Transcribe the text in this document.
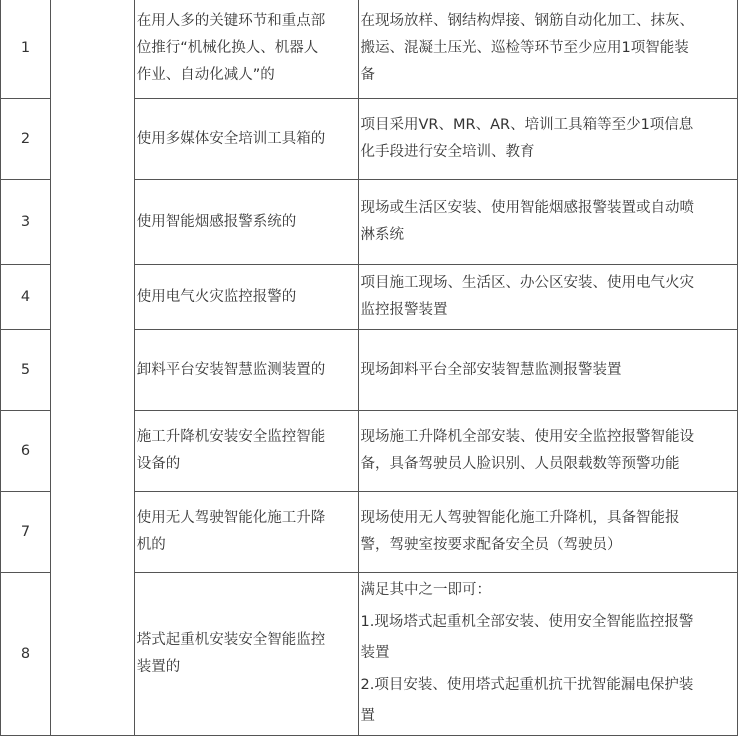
1		在用人多的关键环节和重点部
位推行“机械化换人、机器人
作业、自动化减人”的	在现场放样、钢结构焊接、钢筋自动化加工、抹灰、
搬运、混凝土压光、巡检等环节至少应用1项智能装
备

2		使用多媒体安全培训工具箱的	项目采用VR、MR、AR、培训工具箱等至少1项信息
化手段进行安全培训、教育

3		使用智能烟感报警系统的	现场或生活区安装、使用智能烟感报警装置或自动喷
淋系统

4		使用电气火灾监控报警的	项目施工现场、生活区、办公区安装、使用电气火灾
监控报警装置

5		卸料平台安装智慧监测装置的	现场卸料平台全部安装智慧监测报警装置

6		施工升降机安装安全监控智能
设备的	现场施工升降机全部安装、使用安全监控报警智能设
备，具备驾驶员人脸识别、人员限载数等预警功能

7		使用无人驾驶智能化施工升降
机的	现场使用无人驾驶智能化施工升降机，具备智能报
警，驾驶室按要求配备安全员（驾驶员）

8		塔式起重机安装安全智能监控
装置的	满足其中之一即可：
1.现场塔式起重机全部安装、使用安全智能监控报警
装置
2.项目安装、使用塔式起重机抗干扰智能漏电保护装
置
